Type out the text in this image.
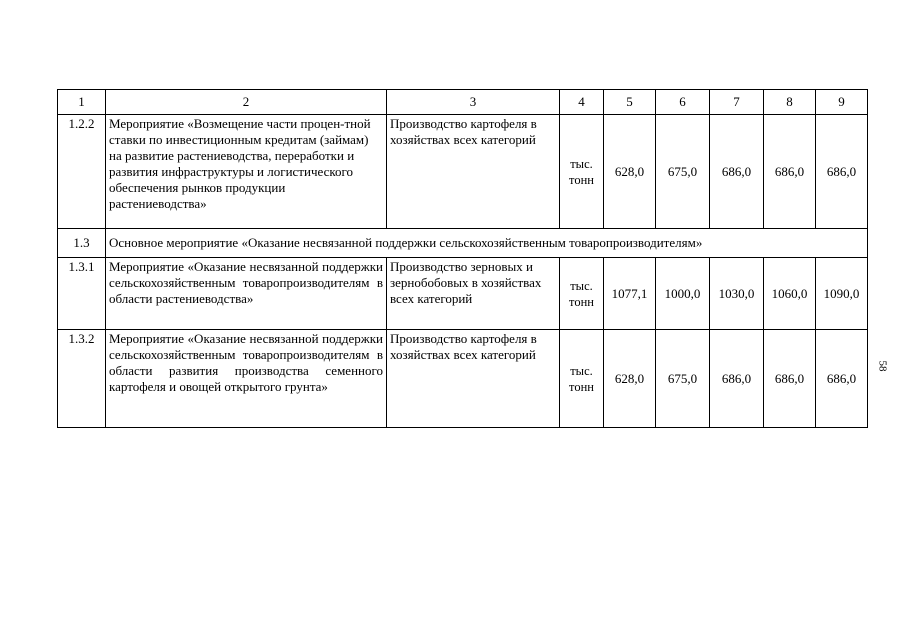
1	2	3	4	5	6	7	8	9
1.2.2	Мероприятие «Возмещение части процен-тной ставки по инвестиционным кредитам (займам) на развитие растениеводства, переработки и развития инфраструктуры и логистического обеспечения рынков продукции растениеводства»	Производство картофеля в хозяйствах всех категорий	тыс. тонн	628,0	675,0	686,0	686,0	686,0
1.3	Основное мероприятие «Оказание несвязанной поддержки сельскохозяйственным товаропроизводителям»							
1.3.1	Мероприятие «Оказание несвязанной поддержки сельскохозяйственным товаропроизводителям в области растениеводства»	Производство зерновых и зернобобовых в хозяйствах всех категорий	тыс. тонн	1077,1	1000,0	1030,0	1060,0	1090,0
1.3.2	Мероприятие «Оказание несвязанной поддержки сельскохозяйственным товаропроизводителям в области развития производства семенного картофеля и овощей открытого грунта»	Производство картофеля в хозяйствах всех категорий	тыс. тонн	628,0	675,0	686,0	686,0	686,0
58
